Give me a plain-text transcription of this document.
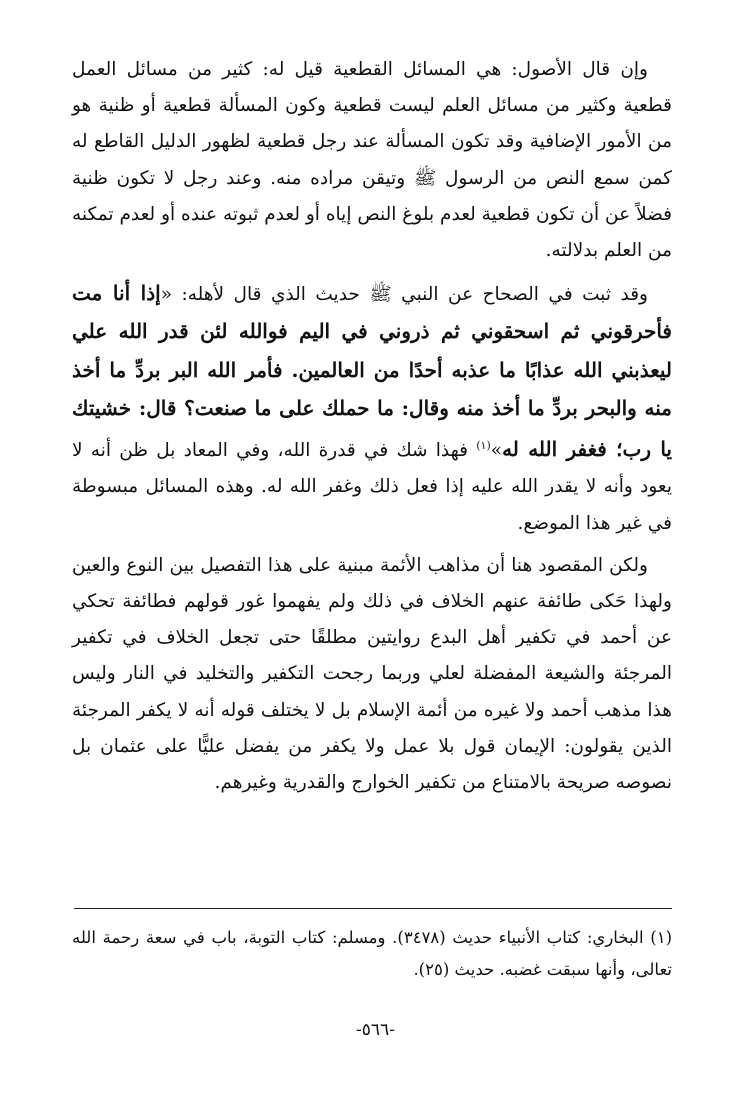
وإن قال الأصول: هي المسائل القطعية قيل له: كثير من مسائل العمل قطعية وكثير من مسائل العلم ليست قطعية وكون المسألة قطعية أو ظنية هو من الأمور الإضافية وقد تكون المسألة عند رجل قطعية لظهور الدليل القاطع له كمن سمع النص من الرسول ﷺ وتيقن مراده منه. وعند رجل لا تكون ظنية فضلاً عن أن تكون قطعية لعدم بلوغ النص إياه أو لعدم ثبوته عنده أو لعدم تمكنه من العلم بدلالته.

وقد ثبت في الصحاح عن النبي ﷺ حديث الذي قال لأهله: «إذا أنا مت فأحرقوني ثم اسحقوني ثم ذروني في اليم فوالله لئن قدر الله علي ليعذبني الله عذابًا ما عذبه أحدًا من العالمين. فأمر الله البر بردِّ ما أخذ منه والبحر بردِّ ما أخذ منه وقال: ما حملك على ما صنعت؟ قال: خشيتك يا رب؛ فغفر الله له»$^{(١)}$ فهذا شك في قدرة الله، وفي المعاد بل ظن أنه لا يعود وأنه لا يقدر الله عليه إذا فعل ذلك وغفر الله له. وهذه المسائل مبسوطة في غير هذا الموضع.

ولكن المقصود هنا أن مذاهب الأئمة مبنية على هذا التفصيل بين النوع والعين ولهذا حَكى طائفة عنهم الخلاف في ذلك ولم يفهموا غور قولهم فطائفة تحكي عن أحمد في تكفير أهل البدع روايتين مطلقًا حتى تجعل الخلاف في تكفير المرجئة والشيعة المفضلة لعلي وربما رجحت التكفير والتخليد في النار وليس هذا مذهب أحمد ولا غيره من أئمة الإسلام بل لا يختلف قوله أنه لا يكفر المرجئة الذين يقولون: الإيمان قول بلا عمل ولا يكفر من يفضل عليًّا على عثمان بل نصوصه صريحة بالامتناع من تكفير الخوارج والقدرية وغيرهم.

(١) البخاري: كتاب الأنبياء حديث (٣٤٧٨). ومسلم: كتاب التوبة، باب في سعة رحمة الله تعالى، وأنها سبقت غضبه. حديث (٢٥).
-٥٦٦-
